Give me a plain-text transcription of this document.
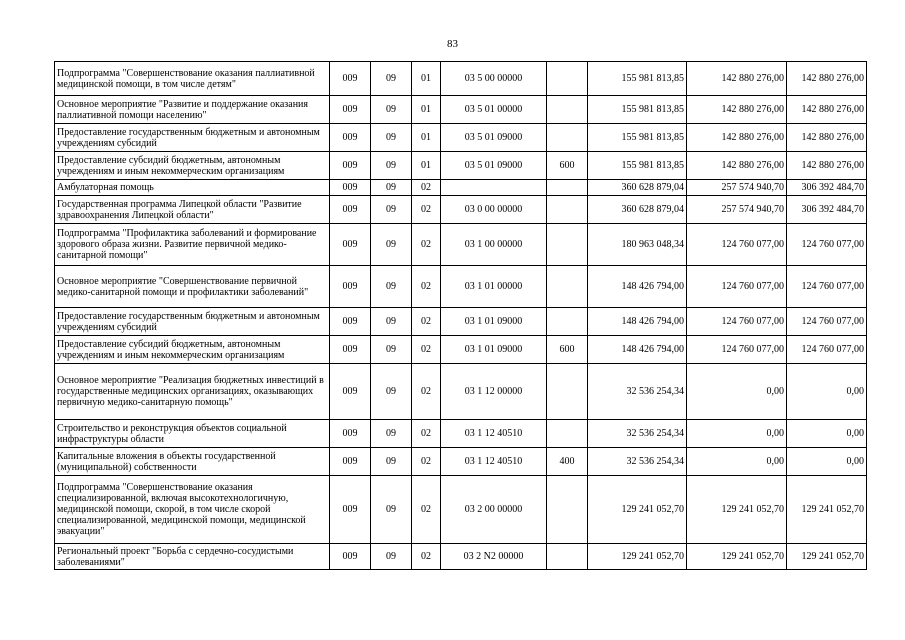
83
Подпрограмма "Совершенствование оказания паллиативной медицинской помощи, в том числе детям"	009	09	01	03 5 00 00000		155 981 813,85	142 880 276,00	142 880 276,00
Основное мероприятие "Развитие и поддержание оказания паллиативной помощи населению"	009	09	01	03 5 01 00000		155 981 813,85	142 880 276,00	142 880 276,00
Предоставление государственным бюджетным и автономным учреждениям субсидий	009	09	01	03 5 01 09000		155 981 813,85	142 880 276,00	142 880 276,00
Предоставление субсидий бюджетным, автономным учреждениям и иным некоммерческим организациям	009	09	01	03 5 01 09000	600	155 981 813,85	142 880 276,00	142 880 276,00
Амбулаторная помощь	009	09	02			360 628 879,04	257 574 940,70	306 392 484,70
Государственная программа Липецкой области "Развитие здравоохранения Липецкой области"	009	09	02	03 0 00 00000		360 628 879,04	257 574 940,70	306 392 484,70
Подпрограмма "Профилактика заболеваний и формирование здорового образа жизни. Развитие первичной медико-санитарной помощи"	009	09	02	03 1 00 00000		180 963 048,34	124 760 077,00	124 760 077,00
Основное мероприятие "Совершенствование первичной медико-санитарной помощи и профилактики заболеваний"	009	09	02	03 1 01 00000		148 426 794,00	124 760 077,00	124 760 077,00
Предоставление государственным бюджетным и автономным учреждениям субсидий	009	09	02	03 1 01 09000		148 426 794,00	124 760 077,00	124 760 077,00
Предоставление субсидий бюджетным, автономным учреждениям и иным некоммерческим организациям	009	09	02	03 1 01 09000	600	148 426 794,00	124 760 077,00	124 760 077,00
Основное мероприятие "Реализация бюджетных инвестиций в государственные медицинских организациях, оказывающих первичную медико-санитарную помощь"	009	09	02	03 1 12 00000		32 536 254,34	0,00	0,00
Строительство и реконструкция объектов социальной инфраструктуры области	009	09	02	03 1 12 40510		32 536 254,34	0,00	0,00
Капитальные вложения в объекты государственной (муниципальной) собственности	009	09	02	03 1 12 40510	400	32 536 254,34	0,00	0,00
Подпрограмма "Совершенствование оказания специализированной, включая высокотехнологичную, медицинской помощи, скорой, в том числе скорой специализированной, медицинской помощи, медицинской эвакуации"	009	09	02	03 2 00 00000		129 241 052,70	129 241 052,70	129 241 052,70
Региональный проект "Борьба с сердечно-сосудистыми заболеваниями"	009	09	02	03 2 N2 00000		129 241 052,70	129 241 052,70	129 241 052,70
